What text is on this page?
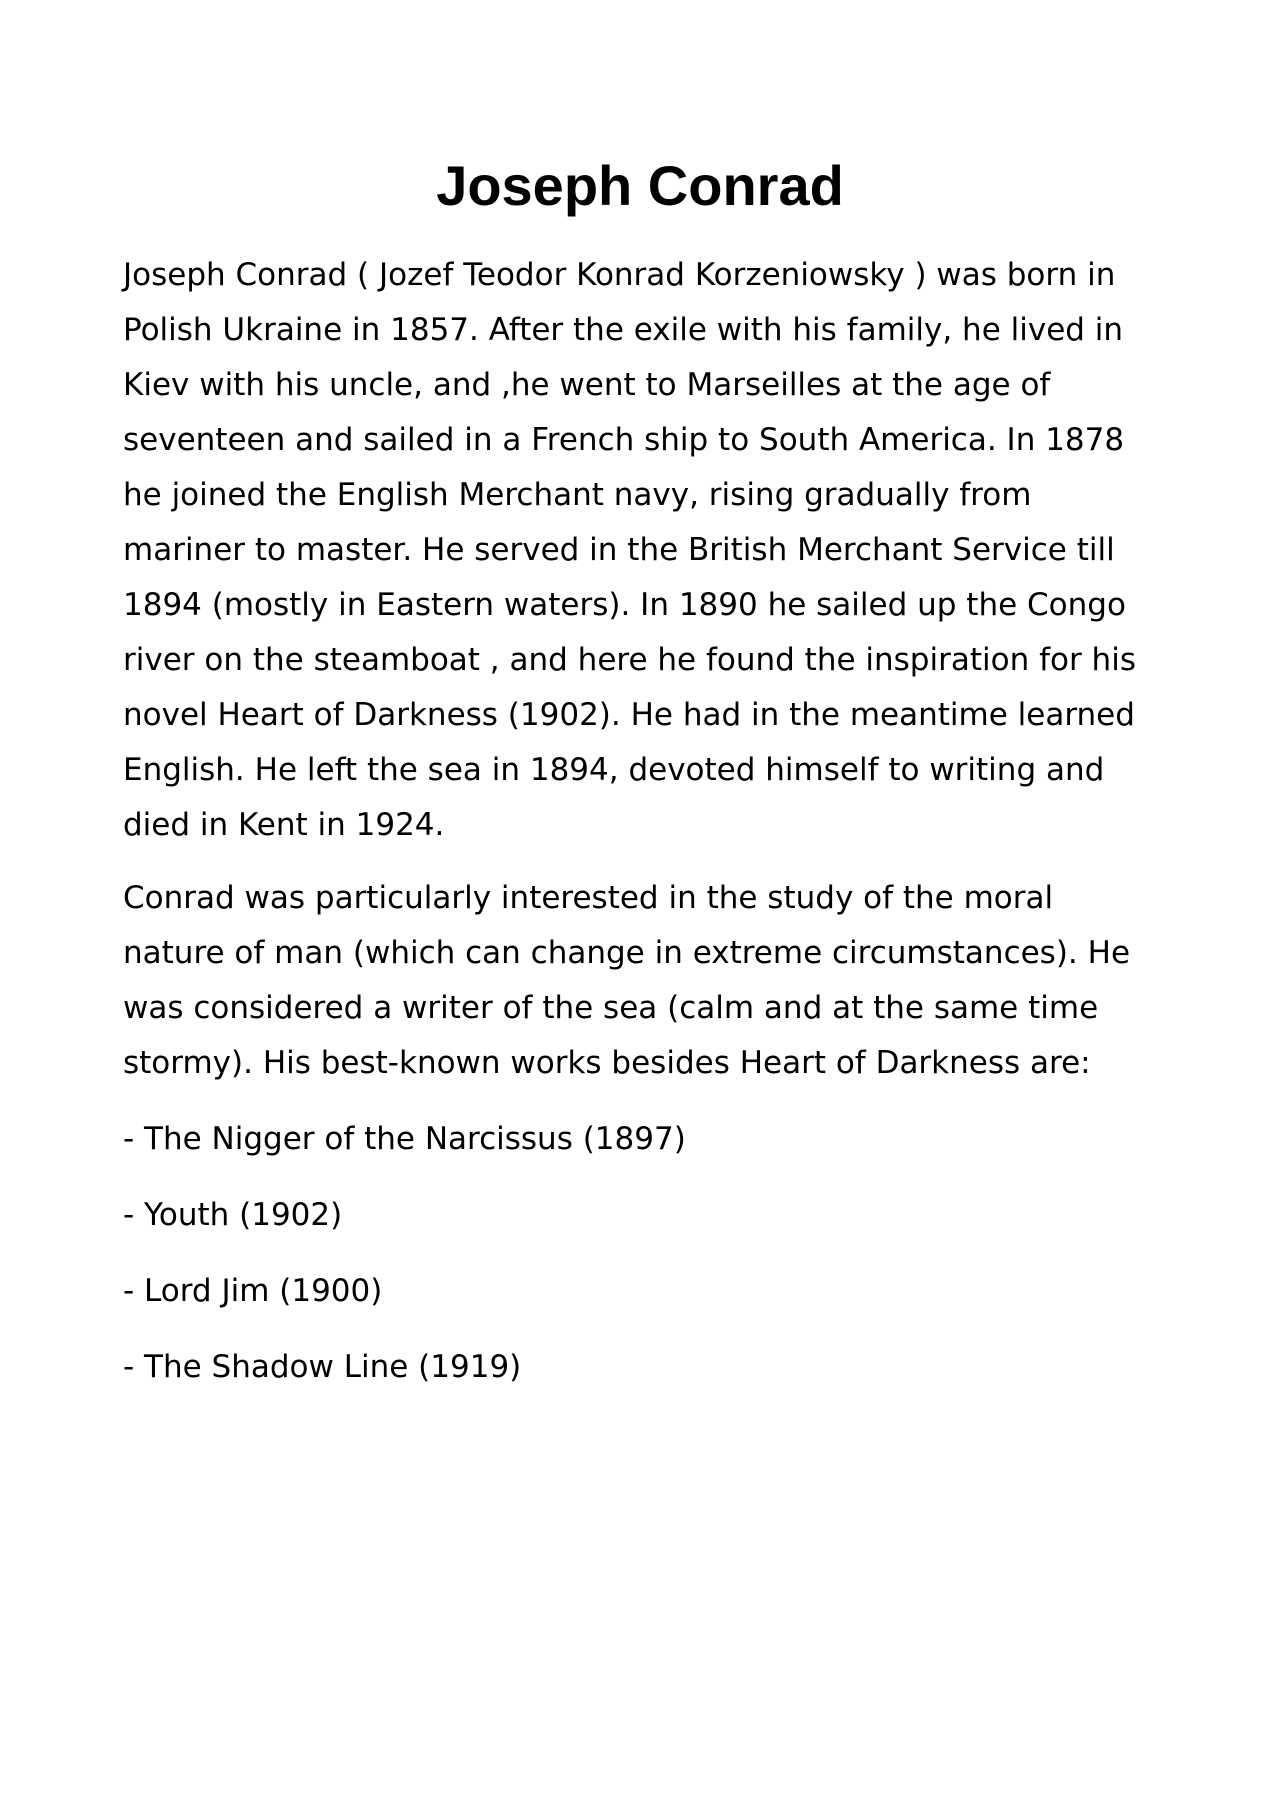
Joseph Conrad

Joseph Conrad ( Jozef Teodor Konrad Korzeniowsky ) was born in
Polish Ukraine in 1857. After the exile with his family, he lived in
Kiev with his uncle, and ,he went to Marseilles at the age of
seventeen and sailed in a French ship to South America. In 1878
he joined the English Merchant navy, rising gradually from
mariner to master. He served in the British Merchant Service till
1894 (mostly in Eastern waters). In 1890 he sailed up the Congo
river on the steamboat , and here he found the inspiration for his
novel Heart of Darkness (1902). He had in the meantime learned
English. He left the sea in 1894, devoted himself to writing and
died in Kent in 1924.

Conrad was particularly interested in the study of the moral
nature of man (which can change in extreme circumstances). He
was considered a writer of the sea (calm and at the same time
stormy). His best-known works besides Heart of Darkness are:

- The Nigger of the Narcissus (1897)
- Youth (1902)
- Lord Jim (1900)
- The Shadow Line (1919)
